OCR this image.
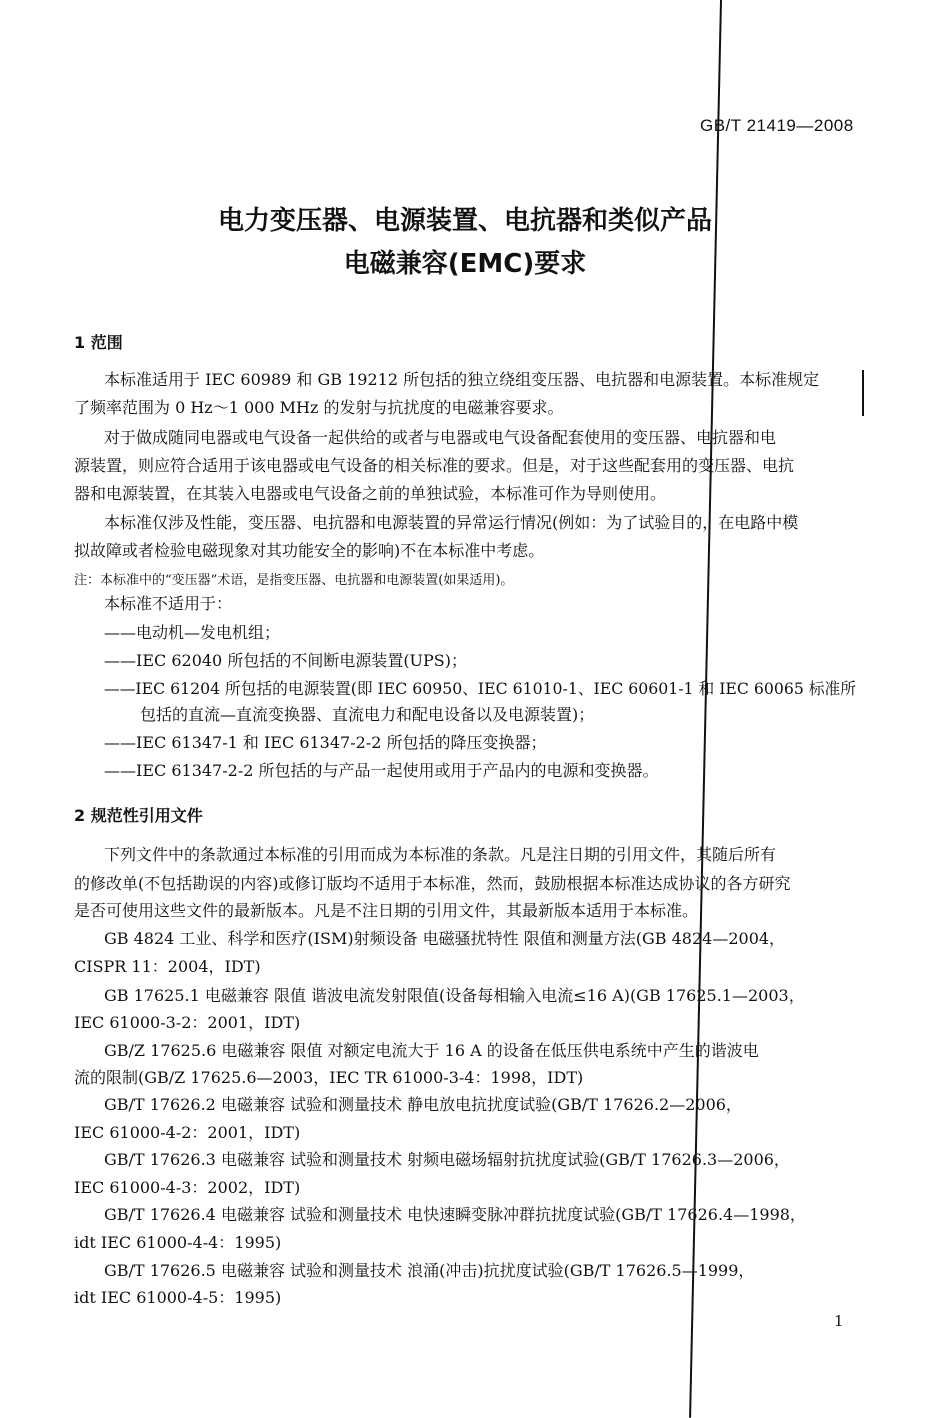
GB/T 21419—2008
电力变压器、电源装置、电抗器和类似产品
电磁兼容(EMC)要求
1 范围
本标准适用于 IEC 60989 和 GB 19212 所包括的独立绕组变压器、电抗器和电源装置。本标准规定
了频率范围为 0 Hz～1 000 MHz 的发射与抗扰度的电磁兼容要求。
对于做成随同电器或电气设备一起供给的或者与电器或电气设备配套使用的变压器、电抗器和电
源装置，则应符合适用于该电器或电气设备的相关标准的要求。但是，对于这些配套用的变压器、电抗
器和电源装置，在其装入电器或电气设备之前的单独试验，本标准可作为导则使用。
本标准仅涉及性能，变压器、电抗器和电源装置的异常运行情况(例如：为了试验目的，在电路中模
拟故障或者检验电磁现象对其功能安全的影响)不在本标准中考虑。
注：本标准中的“变压器”术语，是指变压器、电抗器和电源装置(如果适用)。
本标准不适用于：
——电动机—发电机组；
——IEC 62040 所包括的不间断电源装置(UPS)；
——IEC 61204 所包括的电源装置(即 IEC 60950、IEC 61010-1、IEC 60601-1 和 IEC 60065 标准所
包括的直流—直流变换器、直流电力和配电设备以及电源装置)；
——IEC 61347-1 和 IEC 61347-2-2 所包括的降压变换器；
——IEC 61347-2-2 所包括的与产品一起使用或用于产品内的电源和变换器。
2 规范性引用文件
下列文件中的条款通过本标准的引用而成为本标准的条款。凡是注日期的引用文件，其随后所有
的修改单(不包括勘误的内容)或修订版均不适用于本标准，然而，鼓励根据本标准达成协议的各方研究
是否可使用这些文件的最新版本。凡是不注日期的引用文件，其最新版本适用于本标准。
GB 4824 工业、科学和医疗(ISM)射频设备 电磁骚扰特性 限值和测量方法(GB 4824—2004，
CISPR 11：2004，IDT)
GB 17625.1 电磁兼容 限值 谐波电流发射限值(设备每相输入电流≤16 A)(GB 17625.1—2003，
IEC 61000-3-2：2001，IDT)
GB/Z 17625.6 电磁兼容 限值 对额定电流大于 16 A 的设备在低压供电系统中产生的谐波电
流的限制(GB/Z 17625.6—2003，IEC TR 61000-3-4：1998，IDT)
GB/T 17626.2 电磁兼容 试验和测量技术 静电放电抗扰度试验(GB/T 17626.2—2006，
IEC 61000-4-2：2001，IDT)
GB/T 17626.3 电磁兼容 试验和测量技术 射频电磁场辐射抗扰度试验(GB/T 17626.3—2006，
IEC 61000-4-3：2002，IDT)
GB/T 17626.4 电磁兼容 试验和测量技术 电快速瞬变脉冲群抗扰度试验(GB/T 17626.4—1998，
idt IEC 61000-4-4：1995)
GB/T 17626.5 电磁兼容 试验和测量技术 浪涌(冲击)抗扰度试验(GB/T 17626.5—1999，
idt IEC 61000-4-5：1995)
1
